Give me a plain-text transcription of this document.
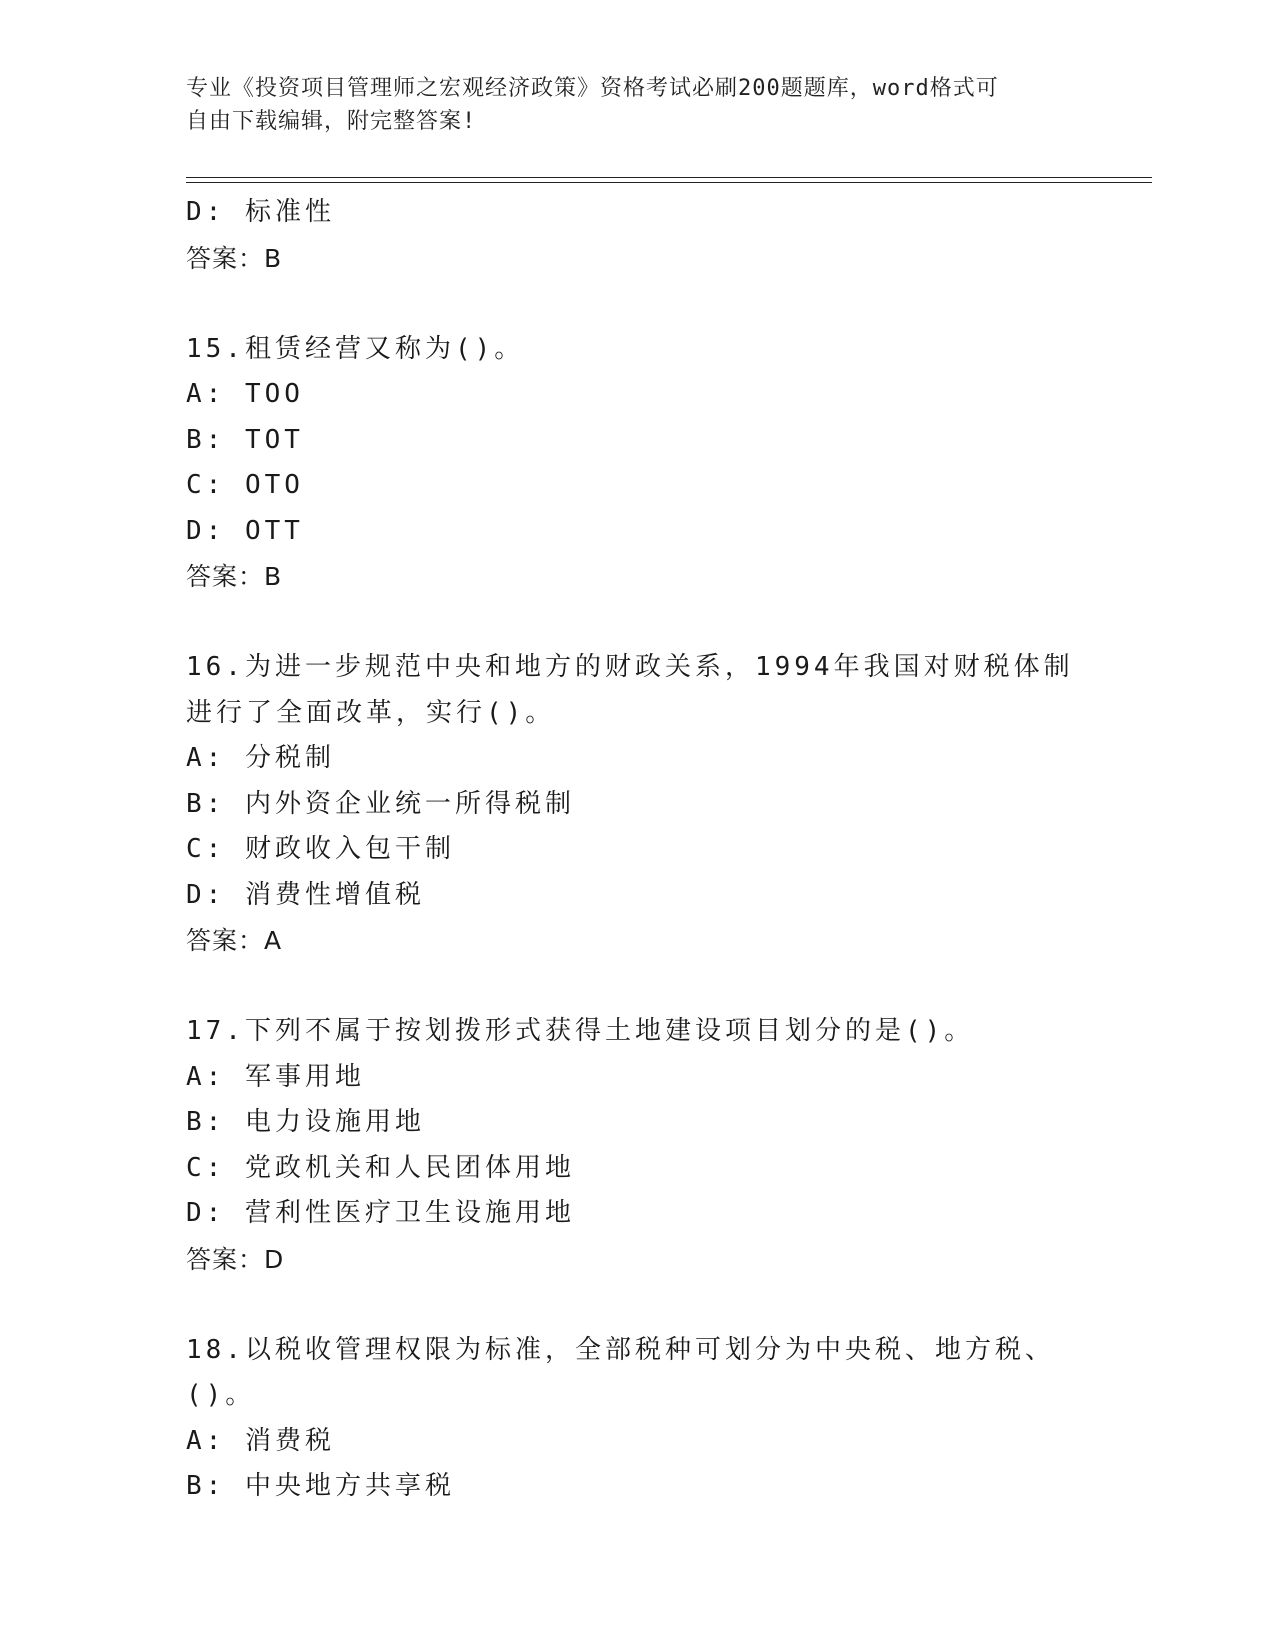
专业《投资项目管理师之宏观经济政策》资格考试必刷200题题库，word格式可
自由下载编辑，附完整答案!
D: 标准性
答案：B
15.租赁经营又称为()。
A: TOO
B: TOT
C: OTO
D: OTT
答案：B
16.为进一步规范中央和地方的财政关系，1994年我国对财税体制进行了全面改革，实行()。
A: 分税制
B: 内外资企业统一所得税制
C: 财政收入包干制
D: 消费性增值税
答案：A
17.下列不属于按划拨形式获得土地建设项目划分的是()。
A: 军事用地
B: 电力设施用地
C: 党政机关和人民团体用地
D: 营利性医疗卫生设施用地
答案：D
18.以税收管理权限为标准，全部税种可划分为中央税、地方税、()。
A: 消费税
B: 中央地方共享税
